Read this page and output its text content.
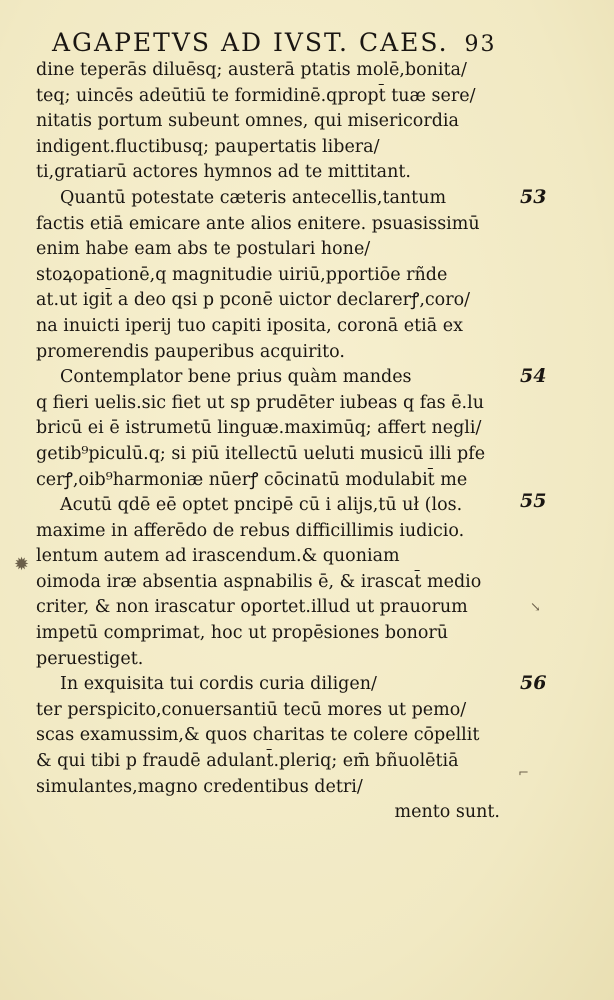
AGAPETVS AD IVST. CAES. 93
dine teperās diluēsq; austerā ptatis molē,bonita/
teq; uincēs adeūtiū te formidinē.qpropt̄ tuæ sere/
nitatis portum subeunt omnes, qui misericordia
indigent.fluctibusq; paupertatis libera/
ti,gratiarū actores hymnos ad te mittitant.
Quantū potestate cæteris antecellis,tantum
factis etiā emicare ante alios enitere. psuasissimū
enim habe eam abs te postulari hone/
stoꝝopationē,q magnitudie uiriū,pportiōe rñde
at.ut igit̄ a deo qsi p pconē uictor declarerꝭ,coro/
na inuicti iperij tuo capiti iposita, coronā etiā ex
promerendis pauperibus acquirito.
Contemplator bene prius quàm mandes
q fieri uelis.sic fiet ut sp prudēter iubeas q fas ē.lu
bricū ei ē istrumetū linguæ.maximūq; affert negli/
getib⁹piculū.q; si piū itellectū ueluti musicū illi pfe
cerꝭ,oib⁹harmoniæ nūerꝭ cōcinatū modulabit̄ me
Acutū qdē eē optet pncipē cū i alijs,tū uł (los.
maxime in afferēdo de rebus difficillimis iudicio.
lentum autem ad irascendum.& quoniam
oimoda iræ absentia aspnabilis ē, & irascat̄ medio
criter, & non irascatur oportet.illud ut prauorum
impetū comprimat, hoc ut propēsiones bonorū
peruestiget.
In exquisita tui cordis curia diligen/
ter perspicito,conuersantiū tecū mores ut pemo/
scas examussim,& quos charitas te colere cōpellit
& qui tibi p fraudē adulant̄.pleriq; em̄ bñuolētiā
simulantes,magno credentibus detri/
mento sunt.
53
54
55
56
✹
↘
⌐
